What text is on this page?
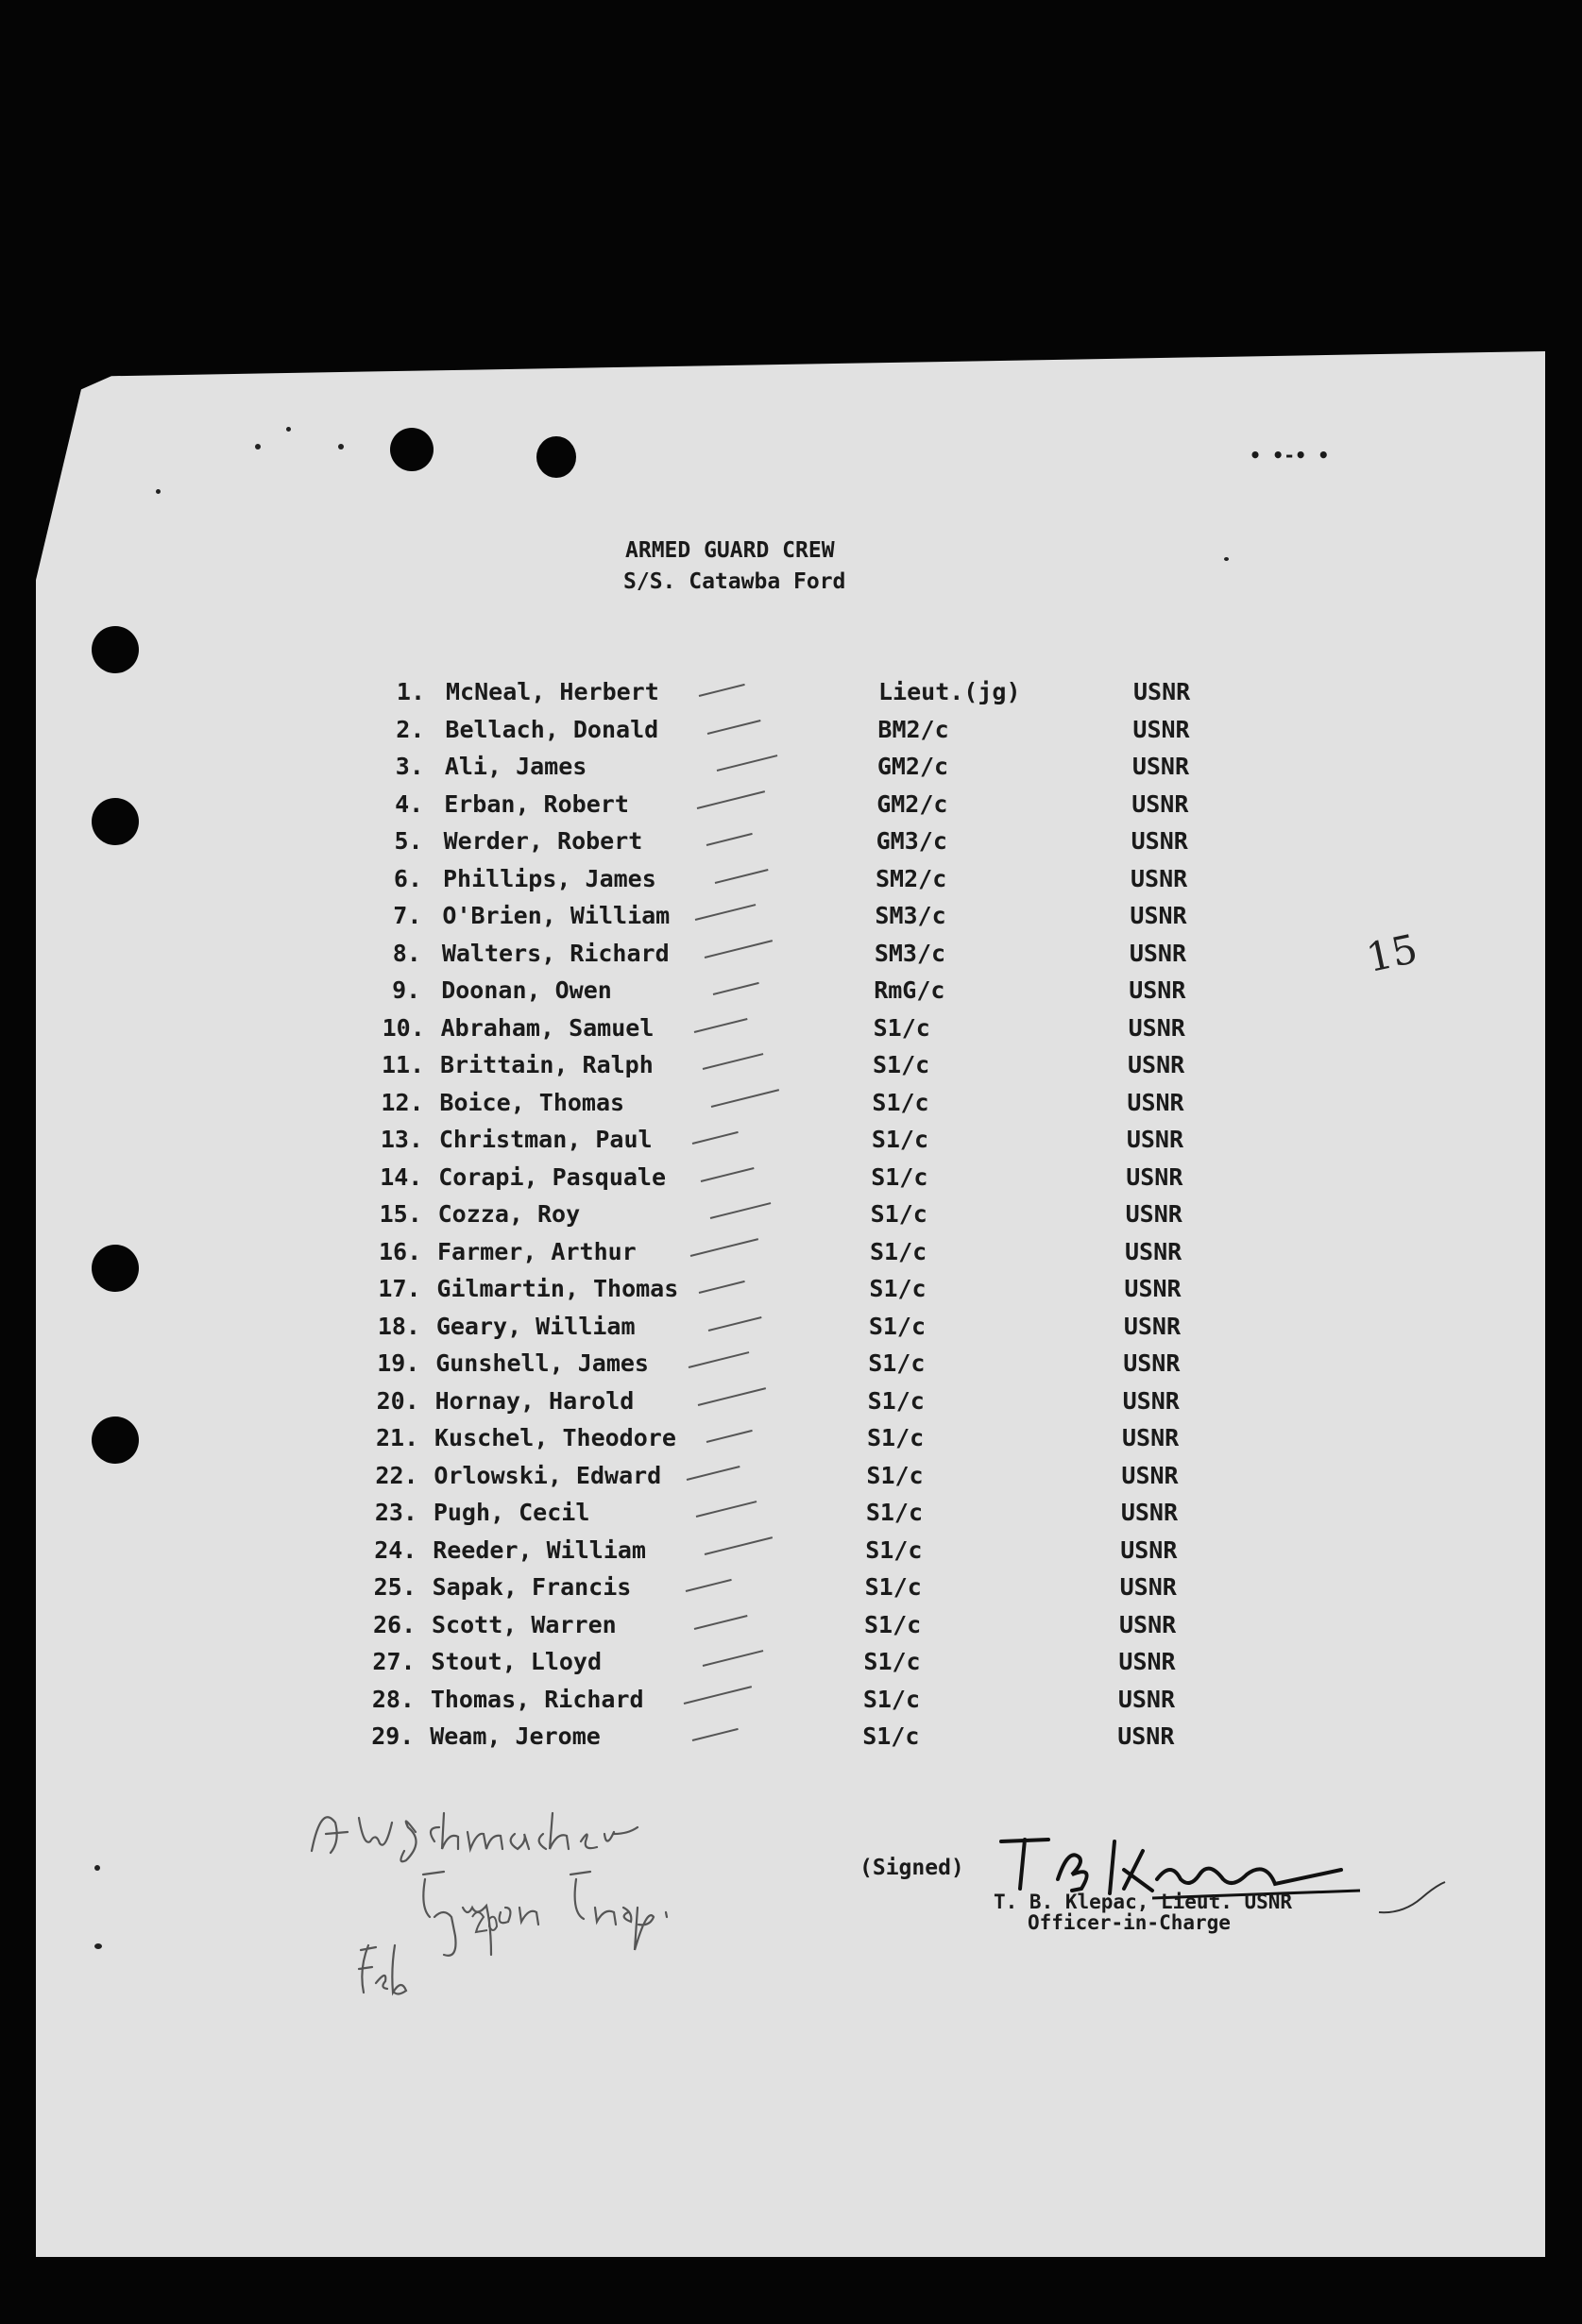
• •-• •
ARMED GUARD CREW
S/S. Catawba Ford
15
1. McNeal, Herbert	Lieut.(jg)	USNR
2. Bellach, Donald	BM2/c	USNR
3. Ali, James	GM2/c	USNR
4. Erban, Robert	GM2/c	USNR
5. Werder, Robert	GM3/c	USNR
6. Phillips, James	SM2/c	USNR
7. O'Brien, William	SM3/c	USNR
8. Walters, Richard	SM3/c	USNR
9. Doonan, Owen	RmG/c	USNR
10. Abraham, Samuel	S1/c	USNR
11. Brittain, Ralph	S1/c	USNR
12. Boice, Thomas	S1/c	USNR
13. Christman, Paul	S1/c	USNR
14. Corapi, Pasquale	S1/c	USNR
15. Cozza, Roy	S1/c	USNR
16. Farmer, Arthur	S1/c	USNR
17. Gilmartin, Thomas	S1/c	USNR
18. Geary, William	S1/c	USNR
19. Gunshell, James	S1/c	USNR
20. Hornay, Harold	S1/c	USNR
21. Kuschel, Theodore	S1/c	USNR
22. Orlowski, Edward	S1/c	USNR
23. Pugh, Cecil	S1/c	USNR
24. Reeder, William	S1/c	USNR
25. Sapak, Francis	S1/c	USNR
26. Scott, Warren	S1/c	USNR
27. Stout, Lloyd	S1/c	USNR
28. Thomas, Richard	S1/c	USNR
29. Weam, Jerome	S1/c	USNR
(Signed)
T. B. Klepac, Lieut. USNR
Officer-in-Charge
